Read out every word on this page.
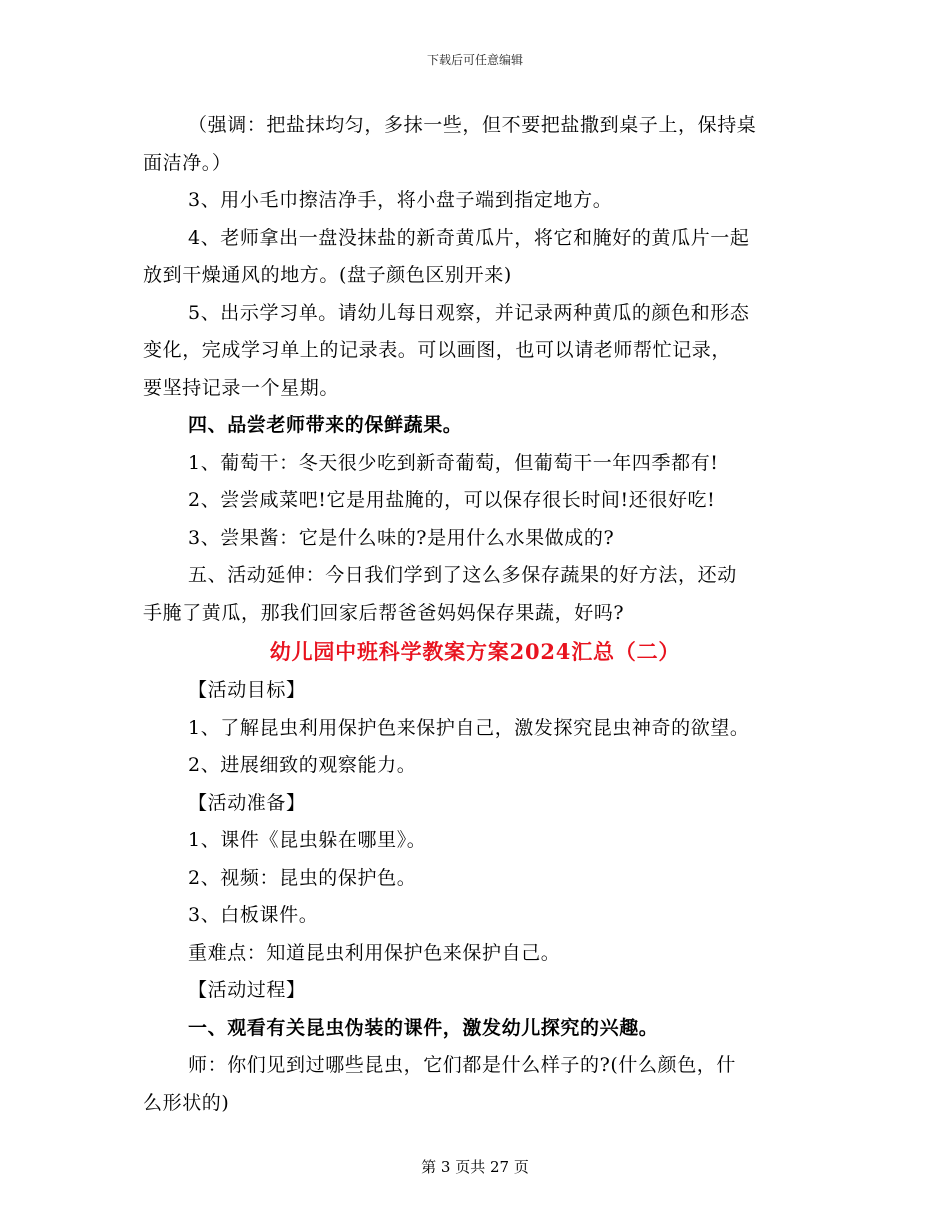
下载后可任意编辑

（强调：把盐抹均匀，多抹一些，但不要把盐撒到桌子上，保持桌

面洁净。）

3、用小毛巾擦洁净手，将小盘子端到指定地方。

4、老师拿出一盘没抹盐的新奇黄瓜片，将它和腌好的黄瓜片一起

放到干燥通风的地方。(盘子颜色区别开来)

5、出示学习单。请幼儿每日观察，并记录两种黄瓜的颜色和形态

变化，完成学习单上的记录表。可以画图，也可以请老师帮忙记录，

要坚持记录一个星期。

四、品尝老师带来的保鲜蔬果。

1、葡萄干：冬天很少吃到新奇葡萄，但葡萄干一年四季都有!

2、尝尝咸菜吧!它是用盐腌的，可以保存很长时间!还很好吃!

3、尝果酱：它是什么味的?是用什么水果做成的?

五、活动延伸：今日我们学到了这么多保存蔬果的好方法，还动

手腌了黄瓜，那我们回家后帮爸爸妈妈保存果蔬，好吗?

幼儿园中班科学教案方案2024汇总（二）

【活动目标】

1、了解昆虫利用保护色来保护自己，激发探究昆虫神奇的欲望。

2、进展细致的观察能力。

【活动准备】

1、课件《昆虫躲在哪里》。

2、视频：昆虫的保护色。

3、白板课件。

重难点：知道昆虫利用保护色来保护自己。

【活动过程】

一、观看有关昆虫伪装的课件，激发幼儿探究的兴趣。

师：你们见到过哪些昆虫，它们都是什么样子的?(什么颜色，什

么形状的)

第 3 页共 27 页
